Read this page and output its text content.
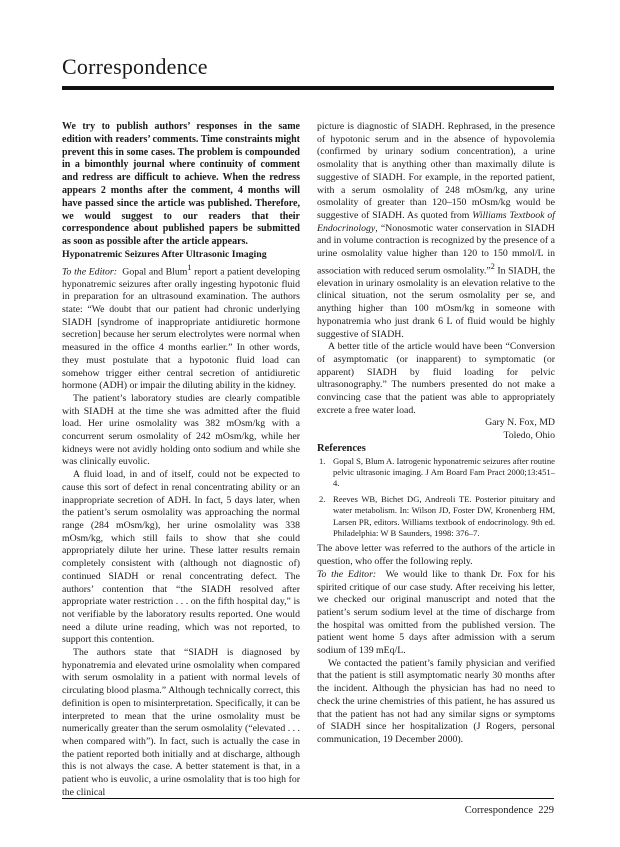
Correspondence

We try to publish authors’ responses in the same edition with readers’ comments. Time constraints might prevent this in some cases. The problem is compounded in a bimonthly journal where continuity of comment and redress are difficult to achieve. When the redress appears 2 months after the comment, 4 months will have passed since the article was published. Therefore, we would suggest to our readers that their correspondence about published papers be submitted as soon as possible after the article appears.

Hyponatremic Seizures After Ultrasonic Imaging

To the Editor: Gopal and Blum$^1$ report a patient developing hyponatremic seizures after orally ingesting hypotonic fluid in preparation for an ultrasound examination. The authors state: “We doubt that our patient had chronic underlying SIADH [syndrome of inappropriate antidiuretic hormone secretion] because her serum electrolytes were normal when measured in the office 4 months earlier.” In other words, they must postulate that a hypotonic fluid load can somehow trigger either central secretion of antidiuretic hormone (ADH) or impair the diluting ability in the kidney.

The patient’s laboratory studies are clearly compatible with SIADH at the time she was admitted after the fluid load. Her urine osmolality was 382 mOsm/kg with a concurrent serum osmolality of 242 mOsm/kg, while her kidneys were not avidly holding onto sodium and while she was clinically euvolic.

A fluid load, in and of itself, could not be expected to cause this sort of defect in renal concentrating ability or an inappropriate secretion of ADH. In fact, 5 days later, when the patient’s serum osmolality was approaching the normal range (284 mOsm/kg), her urine osmolality was 338 mOsm/kg, which still fails to show that she could appropriately dilute her urine. These latter results remain completely consistent with (although not diagnostic of) continued SIADH or renal concentrating defect. The authors’ contention that “the SIADH resolved after appropriate water restriction . . . on the fifth hospital day,” is not verifiable by the laboratory results reported. One would need a dilute urine reading, which was not reported, to support this contention.

The authors state that “SIADH is diagnosed by hyponatremia and elevated urine osmolality when compared with serum osmolality in a patient with normal levels of circulating blood plasma.” Although technically correct, this definition is open to misinterpretation. Specifically, it can be interpreted to mean that the urine osmolality must be numerically greater than the serum osmolality (“elevated . . . when compared with”). In fact, such is actually the case in the patient reported both initially and at discharge, although this is not always the case. A better statement is that, in a patient who is euvolic, a urine osmolality that is too high for the clinical

picture is diagnostic of SIADH. Rephrased, in the presence of hypotonic serum and in the absence of hypovolemia (confirmed by urinary sodium concentration), a urine osmolality that is anything other than maximally dilute is suggestive of SIADH. For example, in the reported patient, with a serum osmolality of 248 mOsm/kg, any urine osmolality of greater than 120–150 mOsm/kg would be suggestive of SIADH. As quoted from Williams Textbook of Endocrinology, “Nonosmotic water conservation in SIADH and in volume contraction is recognized by the presence of a urine osmolality value higher than 120 to 150 mmol/L in association with reduced serum osmolality.”$^2$ In SIADH, the elevation in urinary osmolality is an elevation relative to the clinical situation, not the serum osmolality per se, and anything higher than 100 mOsm/kg in someone with hyponatremia who just drank 6 L of fluid would be highly suggestive of SIADH.

A better title of the article would have been “Conversion of asymptomatic (or inapparent) to symptomatic (or apparent) SIADH by fluid loading for pelvic ultrasonography.” The numbers presented do not make a convincing case that the patient was able to appropriately excrete a free water load.

Gary N. Fox, MD

Toledo, Ohio

References

1. Gopal S, Blum A. Iatrogenic hyponatremic seizures after routine pelvic ultrasonic imaging. J Am Board Fam Pract 2000;13:451–4.
2. Reeves WB, Bichet DG, Andreoli TE. Posterior pituitary and water metabolism. In: Wilson JD, Foster DW, Kronenberg HM, Larsen PR, editors. Williams textbook of endocrinology. 9th ed. Philadelphia: W B Saunders, 1998: 376–7.

The above letter was referred to the authors of the article in question, who offer the following reply.

To the Editor: We would like to thank Dr. Fox for his spirited critique of our case study. After receiving his letter, we checked our original manuscript and noted that the patient’s serum sodium level at the time of discharge from the hospital was omitted from the published version. The patient went home 5 days after admission with a serum sodium of 139 mEq/L.

We contacted the patient’s family physician and verified that the patient is still asymptomatic nearly 30 months after the incident. Although the physician has had no need to check the urine chemistries of this patient, he has assured us that the patient has not had any similar signs or symptoms of SIADH since her hospitalization (J Rogers, personal communication, 19 December 2000).

Correspondence 229
